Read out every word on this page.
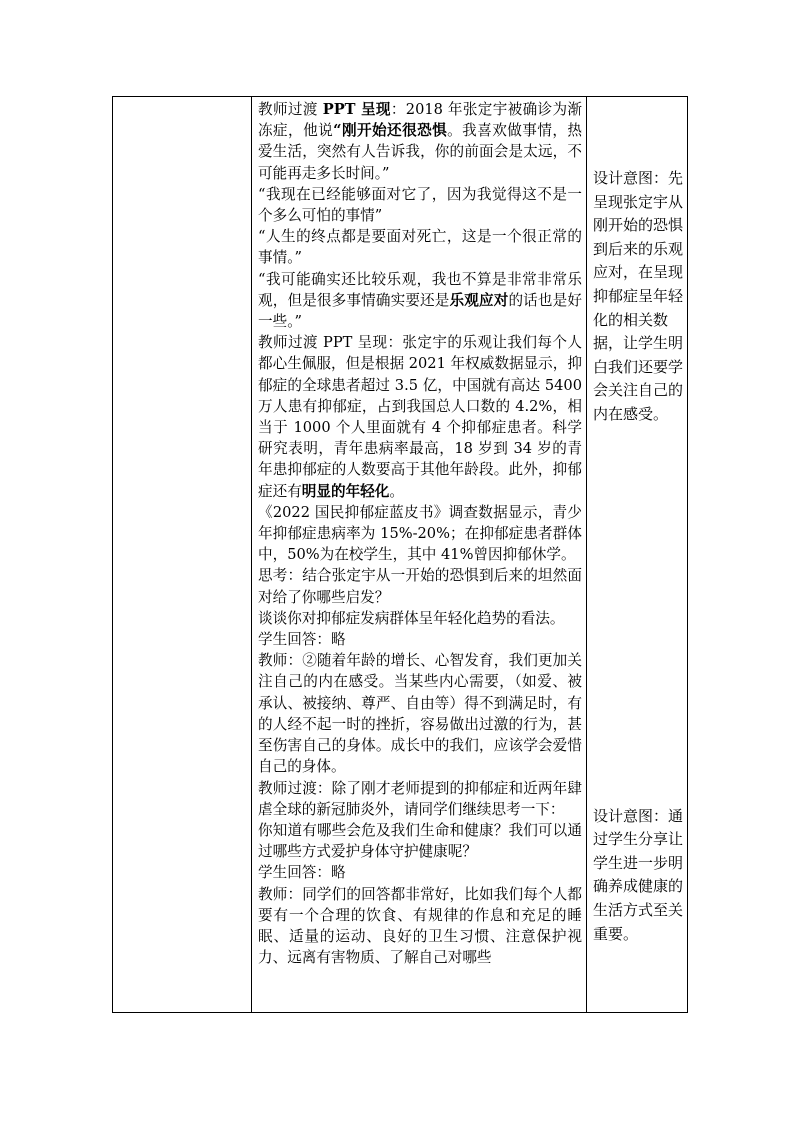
教师过渡 PPT 呈现：2018 年张定宇被确诊为渐冻症，他说“刚开始还很恐惧。我喜欢做事情，热爱生活，突然有人告诉我，你的前面会是太远，不可能再走多长时间。”

“我现在已经能够面对它了，因为我觉得这不是一个多么可怕的事情”

“人生的终点都是要面对死亡，这是一个很正常的事情。”

“我可能确实还比较乐观，我也不算是非常非常乐观，但是很多事情确实要还是乐观应对的话也是好一些。”

教师过渡 PPT 呈现：张定宇的乐观让我们每个人都心生佩服，但是根据 2021 年权威数据显示，抑郁症的全球患者超过 3.5 亿，中国就有高达 5400 万人患有抑郁症，占到我国总人口数的 4.2%，相当于 1000 个人里面就有 4 个抑郁症患者。科学研究表明，青年患病率最高，18 岁到 34 岁的青年患抑郁症的人数要高于其他年龄段。此外，抑郁症还有明显的年轻化。

《2022 国民抑郁症蓝皮书》调查数据显示，青少年抑郁症患病率为 15%-20%；在抑郁症患者群体中，50%为在校学生，其中 41%曾因抑郁休学。

思考：结合张定宇从一开始的恐惧到后来的坦然面对给了你哪些启发？

谈谈你对抑郁症发病群体呈年轻化趋势的看法。

学生回答：略

教师：②随着年龄的增长、心智发育，我们更加关注自己的内在感受。当某些内心需要，（如爱、被承认、被接纳、尊严、自由等）得不到满足时，有的人经不起一时的挫折，容易做出过激的行为，甚至伤害自己的身体。成长中的我们，应该学会爱惜自己的身体。

教师过渡：除了刚才老师提到的抑郁症和近两年肆虐全球的新冠肺炎外，请同学们继续思考一下：

你知道有哪些会危及我们生命和健康？我们可以通过哪些方式爱护身体守护健康呢？

学生回答：略

教师：同学们的回答都非常好，比如我们每个人都要有一个合理的饮食、有规律的作息和充足的睡眠、适量的运动、良好的卫生习惯、注意保护视力、远离有害物质、了解自己对哪些

设计意图：先呈现张定宇从刚开始的恐惧到后来的乐观应对，在呈现抑郁症呈年轻化的相关数据，让学生明白我们还要学会关注自己的内在感受。

设计意图：通过学生分享让学生进一步明确养成健康的生活方式至关重要。
